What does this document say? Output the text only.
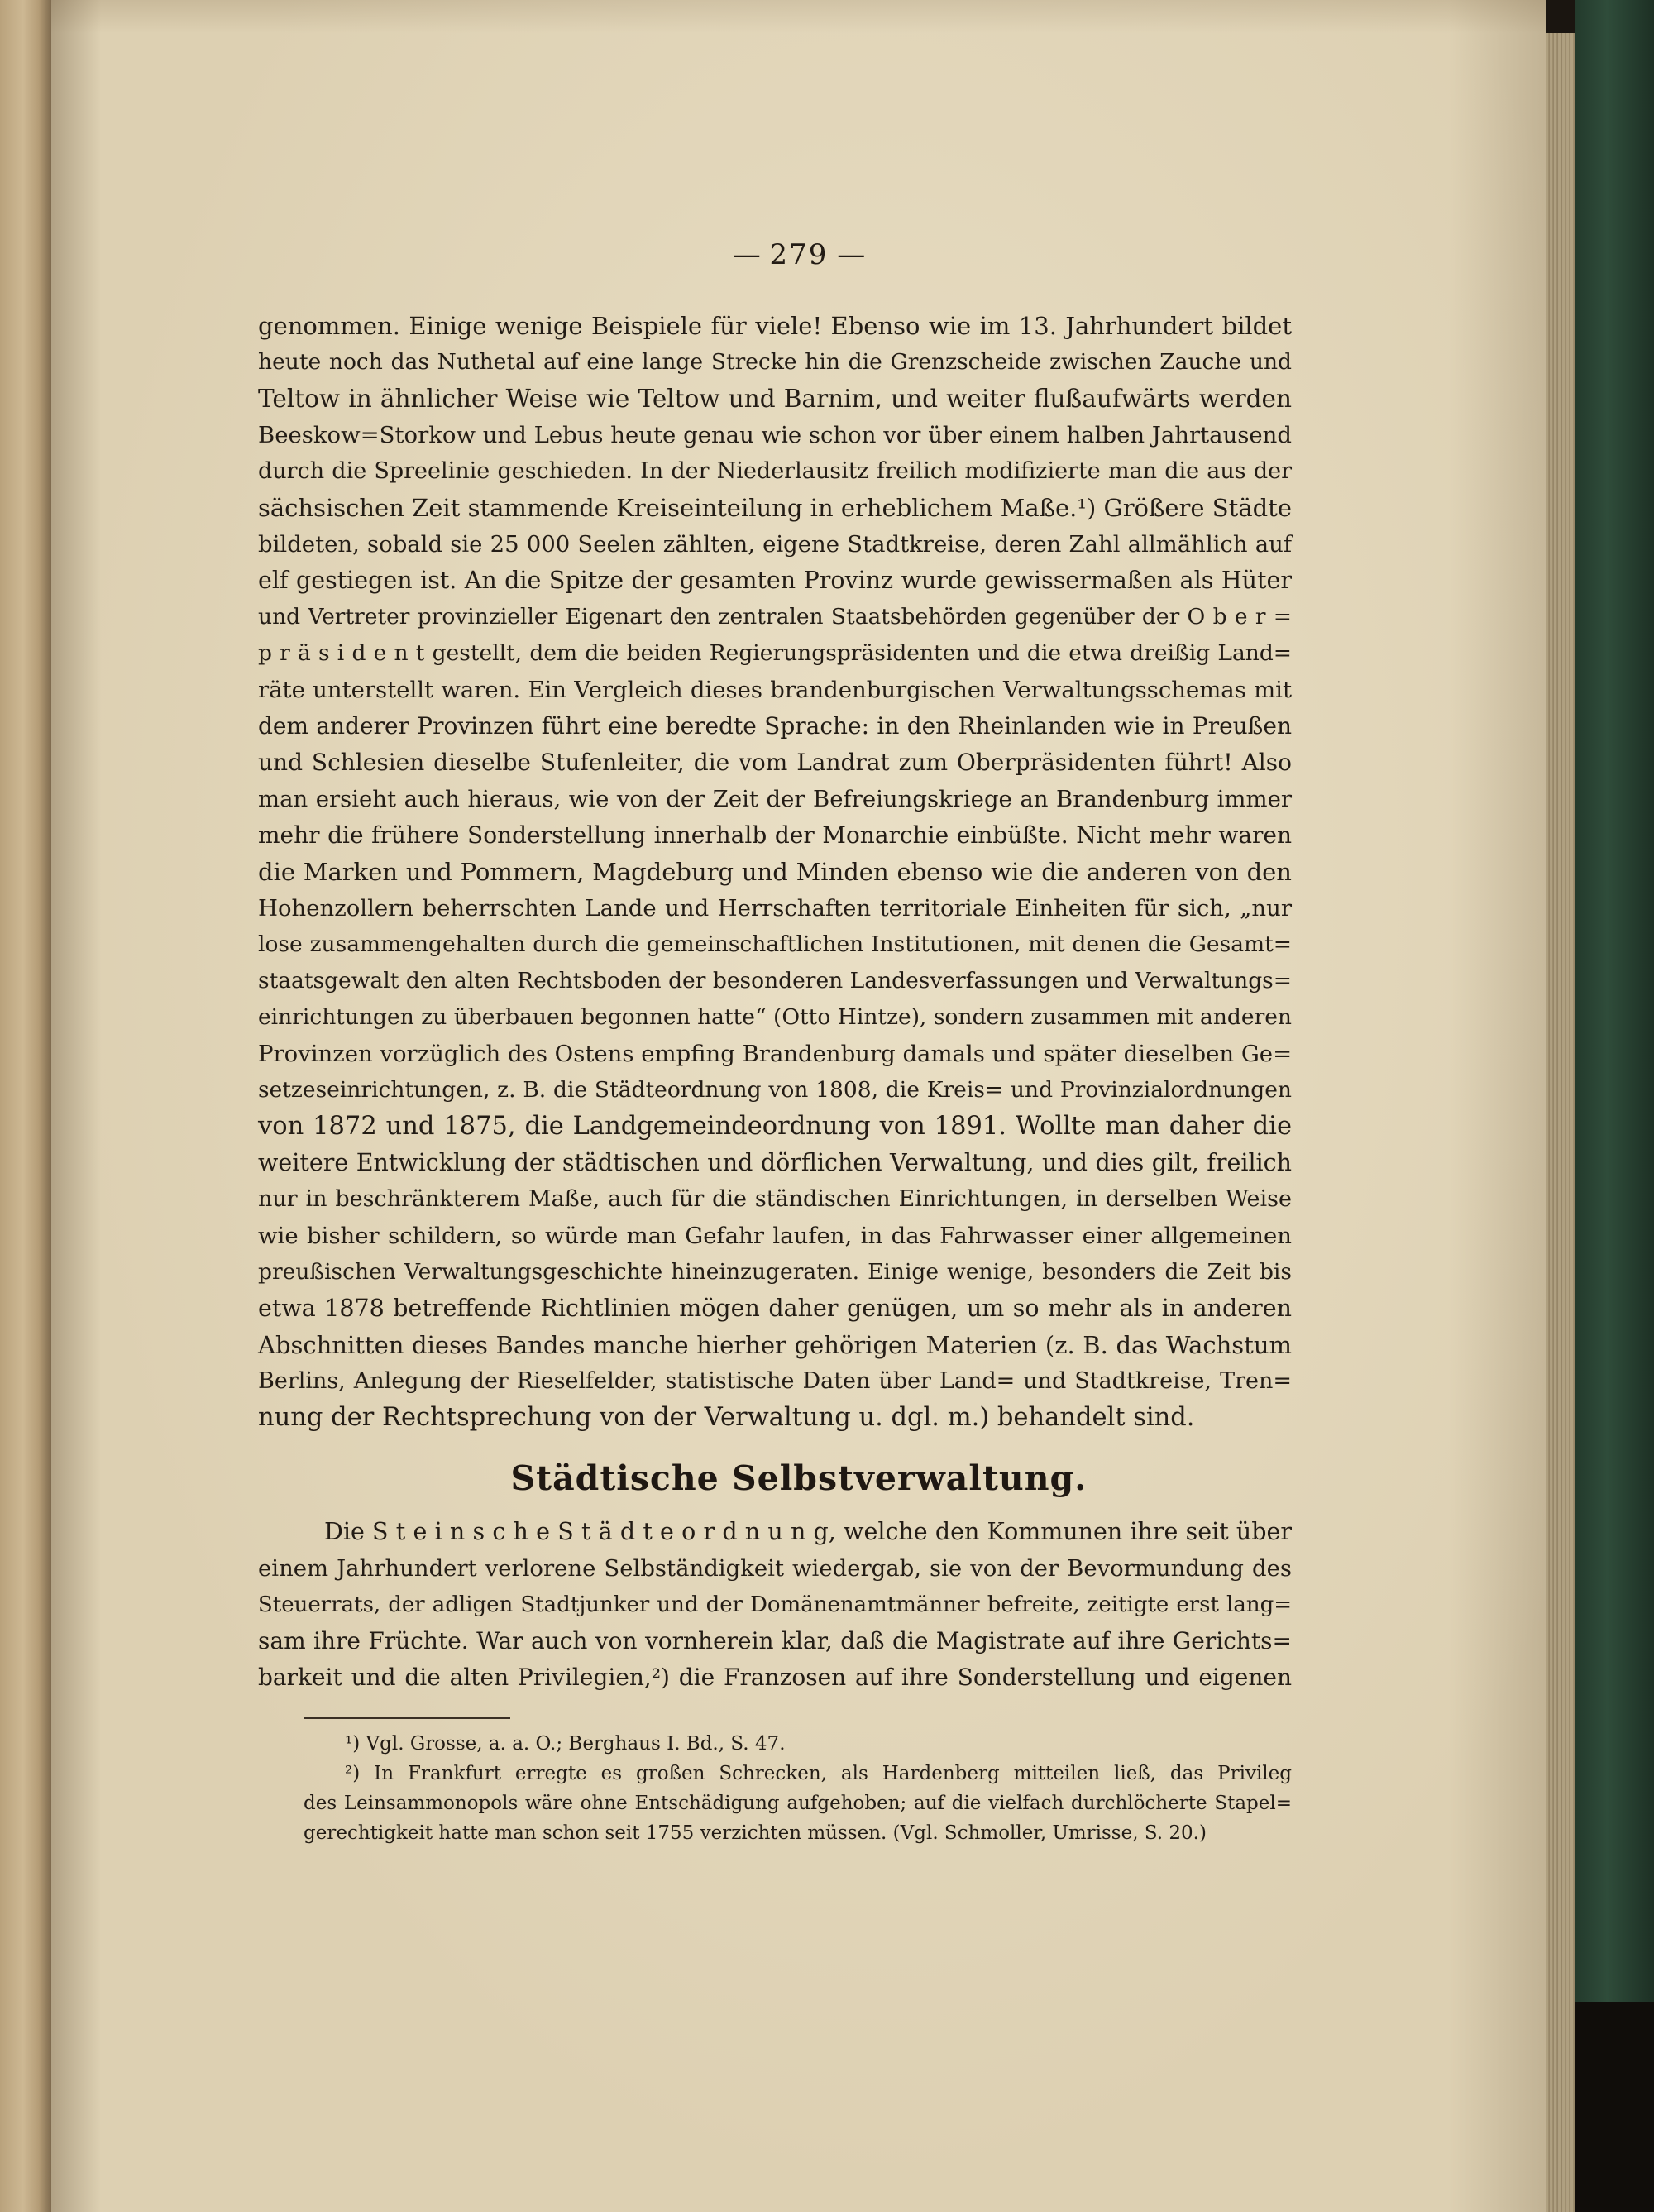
— 279 —
genommen. Einige wenige Beispiele für viele! Ebenso wie im 13. Jahrhundert bildet
heute noch das Nuthetal auf eine lange Strecke hin die Grenzscheide zwischen Zauche und
Teltow in ähnlicher Weise wie Teltow und Barnim, und weiter flußaufwärts werden
Beeskow=Storkow und Lebus heute genau wie schon vor über einem halben Jahrtausend
durch die Spreelinie geschieden. In der Niederlausitz freilich modifizierte man die aus der
sächsischen Zeit stammende Kreiseinteilung in erheblichem Maße.¹) Größere Städte
bildeten, sobald sie 25 000 Seelen zählten, eigene Stadtkreise, deren Zahl allmählich auf
elf gestiegen ist. An die Spitze der gesamten Provinz wurde gewissermaßen als Hüter
und Vertreter provinzieller Eigenart den zentralen Staatsbehörden gegenüber der O b e r =
p r ä s i d e n t gestellt, dem die beiden Regierungspräsidenten und die etwa dreißig Land=
räte unterstellt waren. Ein Vergleich dieses brandenburgischen Verwaltungsschemas mit
dem anderer Provinzen führt eine beredte Sprache: in den Rheinlanden wie in Preußen
und Schlesien dieselbe Stufenleiter, die vom Landrat zum Oberpräsidenten führt! Also
man ersieht auch hieraus, wie von der Zeit der Befreiungskriege an Brandenburg immer
mehr die frühere Sonderstellung innerhalb der Monarchie einbüßte. Nicht mehr waren
die Marken und Pommern, Magdeburg und Minden ebenso wie die anderen von den
Hohenzollern beherrschten Lande und Herrschaften territoriale Einheiten für sich, „nur
lose zusammengehalten durch die gemeinschaftlichen Institutionen, mit denen die Gesamt=
staatsgewalt den alten Rechtsboden der besonderen Landesverfassungen und Verwaltungs=
einrichtungen zu überbauen begonnen hatte“ (Otto Hintze), sondern zusammen mit anderen
Provinzen vorzüglich des Ostens empfing Brandenburg damals und später dieselben Ge=
setzeseinrichtungen, z. B. die Städteordnung von 1808, die Kreis= und Provinzialordnungen
von 1872 und 1875, die Landgemeindeordnung von 1891. Wollte man daher die
weitere Entwicklung der städtischen und dörflichen Verwaltung, und dies gilt, freilich
nur in beschränkterem Maße, auch für die ständischen Einrichtungen, in derselben Weise
wie bisher schildern, so würde man Gefahr laufen, in das Fahrwasser einer allgemeinen
preußischen Verwaltungsgeschichte hineinzugeraten. Einige wenige, besonders die Zeit bis
etwa 1878 betreffende Richtlinien mögen daher genügen, um so mehr als in anderen
Abschnitten dieses Bandes manche hierher gehörigen Materien (z. B. das Wachstum
Berlins, Anlegung der Rieselfelder, statistische Daten über Land= und Stadtkreise, Tren=
nung der Rechtsprechung von der Verwaltung u. dgl. m.) behandelt sind.
Städtische Selbstverwaltung.
Die S t e i n s c h e S t ä d t e o r d n u n g, welche den Kommunen ihre seit über
einem Jahrhundert verlorene Selbständigkeit wiedergab, sie von der Bevormundung des
Steuerrats, der adligen Stadtjunker und der Domänenamtmänner befreite, zeitigte erst lang=
sam ihre Früchte. War auch von vornherein klar, daß die Magistrate auf ihre Gerichts=
barkeit und die alten Privilegien,²) die Franzosen auf ihre Sonderstellung und eigenen
¹) Vgl. Grosse, a. a. O.; Berghaus I. Bd., S. 47.
²) In Frankfurt erregte es großen Schrecken, als Hardenberg mitteilen ließ, das Privileg
des Leinsammonopols wäre ohne Entschädigung aufgehoben; auf die vielfach durchlöcherte Stapel=
gerechtigkeit hatte man schon seit 1755 verzichten müssen. (Vgl. Schmoller, Umrisse, S. 20.)
